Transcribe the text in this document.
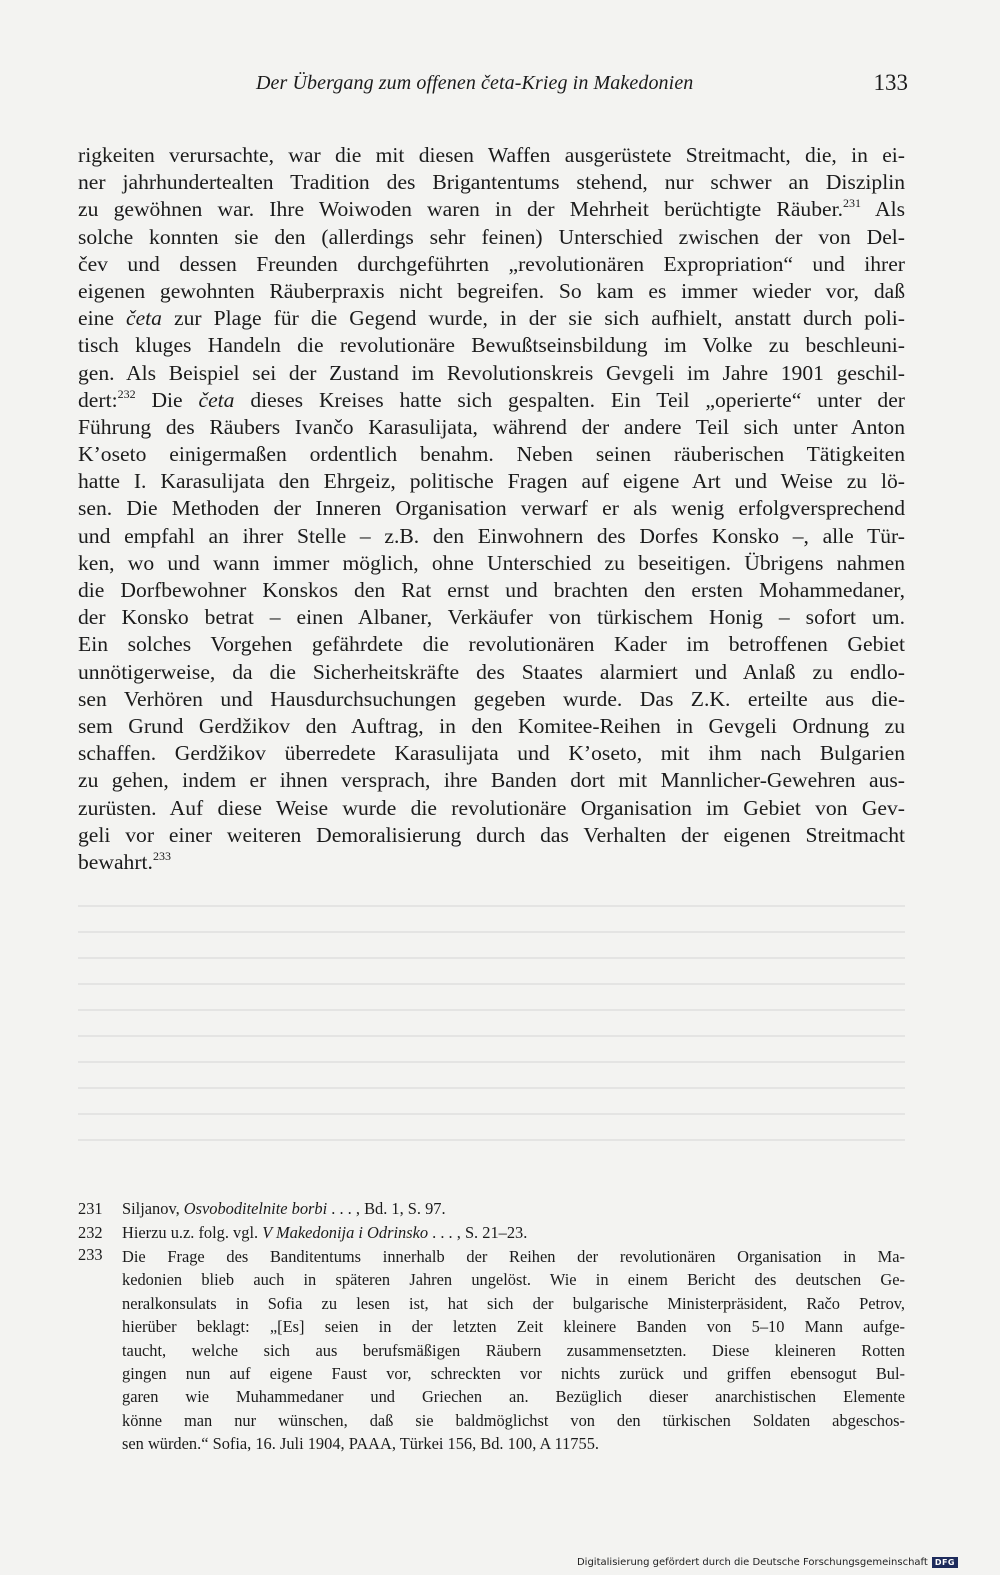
Der Übergang zum offenen četa-Krieg in Makedonien	133
rigkeiten verursachte, war die mit diesen Waffen ausgerüstete Streitmacht, die, in ei-
ner jahrhundertealten Tradition des Brigantentums stehend, nur schwer an Disziplin
zu gewöhnen war. Ihre Woiwoden waren in der Mehrheit berüchtigte Räuber.$^{231}$ Als
solche konnten sie den (allerdings sehr feinen) Unterschied zwischen der von Del-
čev und dessen Freunden durchgeführten „revolutionären Expropriation“ und ihrer
eigenen gewohnten Räuberpraxis nicht begreifen. So kam es immer wieder vor, daß
eine četa zur Plage für die Gegend wurde, in der sie sich aufhielt, anstatt durch poli-
tisch kluges Handeln die revolutionäre Bewußtseinsbildung im Volke zu beschleuni-
gen. Als Beispiel sei der Zustand im Revolutionskreis Gevgeli im Jahre 1901 geschil-
dert:$^{232}$ Die četa dieses Kreises hatte sich gespalten. Ein Teil „operierte“ unter der
Führung des Räubers Ivančo Karasulijata, während der andere Teil sich unter Anton
K’oseto einigermaßen ordentlich benahm. Neben seinen räuberischen Tätigkeiten
hatte I. Karasulijata den Ehrgeiz, politische Fragen auf eigene Art und Weise zu lö-
sen. Die Methoden der Inneren Organisation verwarf er als wenig erfolgversprechend
und empfahl an ihrer Stelle – z.B. den Einwohnern des Dorfes Konsko –, alle Tür-
ken, wo und wann immer möglich, ohne Unterschied zu beseitigen. Übrigens nahmen
die Dorfbewohner Konskos den Rat ernst und brachten den ersten Mohammedaner,
der Konsko betrat – einen Albaner, Verkäufer von türkischem Honig – sofort um.
Ein solches Vorgehen gefährdete die revolutionären Kader im betroffenen Gebiet
unnötigerweise, da die Sicherheitskräfte des Staates alarmiert und Anlaß zu endlo-
sen Verhören und Hausdurchsuchungen gegeben wurde. Das Z.K. erteilte aus die-
sem Grund Gerdžikov den Auftrag, in den Komitee-Reihen in Gevgeli Ordnung zu
schaffen. Gerdžikov überredete Karasulijata und K’oseto, mit ihm nach Bulgarien
zu gehen, indem er ihnen versprach, ihre Banden dort mit Mannlicher-Gewehren aus-
zurüsten. Auf diese Weise wurde die revolutionäre Organisation im Gebiet von Gev-
geli vor einer weiteren Demoralisierung durch das Verhalten der eigenen Streitmacht
bewahrt.$^{233}$
231 Siljanov, Osvoboditelnite borbi . . . , Bd. 1, S. 97.
232 Hierzu u.z. folg. vgl. V Makedonija i Odrinsko . . . , S. 21–23.
233 Die Frage des Banditentums innerhalb der Reihen der revolutionären Organisation in Ma-
kedonien blieb auch in späteren Jahren ungelöst. Wie in einem Bericht des deutschen Ge-
neralkonsulats in Sofia zu lesen ist, hat sich der bulgarische Ministerpräsident, Račo Petrov,
hierüber beklagt: „[Es] seien in der letzten Zeit kleinere Banden von 5–10 Mann aufge-
taucht, welche sich aus berufsmäßigen Räubern zusammensetzten. Diese kleineren Rotten
gingen nun auf eigene Faust vor, schreckten vor nichts zurück und griffen ebensogut Bul-
garen wie Muhammedaner und Griechen an. Bezüglich dieser anarchistischen Elemente
könne man nur wünschen, daß sie baldmöglichst von den türkischen Soldaten abgeschos-
sen würden.“ Sofia, 16. Juli 1904, PAAA, Türkei 156, Bd. 100, A 11755.
Digitalisierung gefördert durch die Deutsche Forschungsgemeinschaft DFG
